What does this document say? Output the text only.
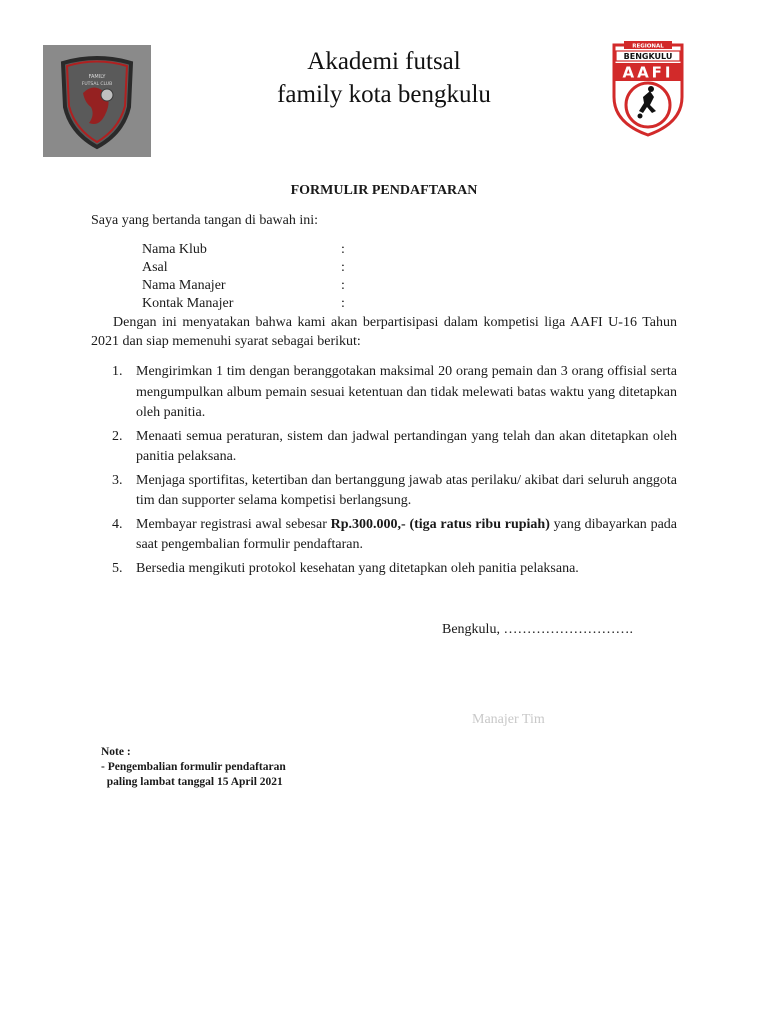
FAMILY
FUTSAL CLUB
Akademi futsal
family kota bengkulu
REGIONAL
BENGKULU
AAFI
FORMULIR PENDAFTARAN
Saya yang bertanda tangan di bawah ini:
Nama Klub	:
Asal	:
Nama Manajer	:
Kontak Manajer	:
Dengan ini menyatakan bahwa kami akan berpartisipasi dalam kompetisi liga AAFI U-16 Tahun 2021 dan siap memenuhi syarat sebagai berikut:
1. Mengirimkan 1 tim dengan beranggotakan maksimal 20 orang pemain dan 3 orang offisial serta mengumpulkan album pemain sesuai ketentuan dan tidak melewati batas waktu yang ditetapkan oleh panitia.
2. Menaati semua peraturan, sistem dan jadwal pertandingan yang telah dan akan ditetapkan oleh panitia pelaksana.
3. Menjaga sportifitas, ketertiban dan bertanggung jawab atas perilaku/ akibat dari seluruh anggota tim dan supporter selama kompetisi berlangsung.
4. Membayar registrasi awal sebesar Rp.300.000,- (tiga ratus ribu rupiah) yang dibayarkan pada saat pengembalian formulir pendaftaran.
5. Bersedia mengikuti protokol kesehatan yang ditetapkan oleh panitia pelaksana.
Bengkulu, ……………………….
Manajer Tim
Note :
- Pengembalian formulir pendaftaran
paling lambat tanggal 15 April 2021
